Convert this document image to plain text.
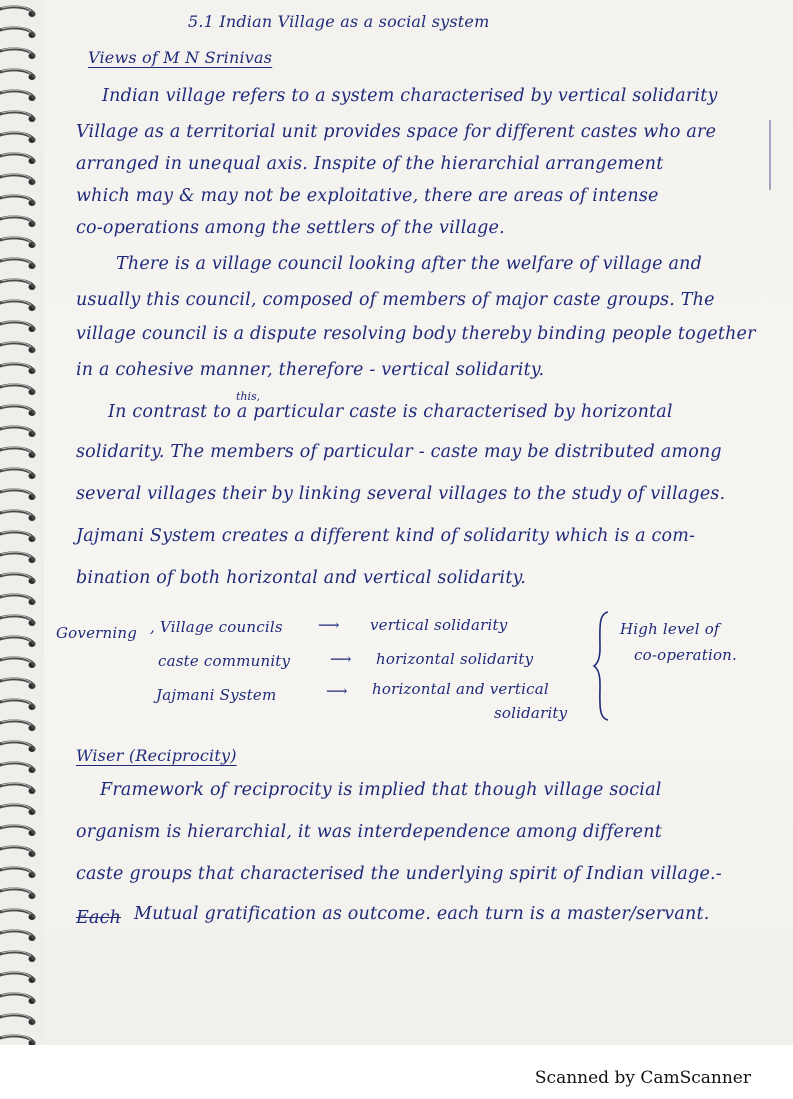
5.1 Indian Village as a social system
Views of M N Srinivas
Indian village refers to a system characterised by vertical solidarity
Village as a territorial unit provides space for different castes who are
arranged in unequal axis. Inspite of the hierarchial arrangement
which may & may not be exploitative, there are areas of intense
co-operations among the settlers of the village.
There is a village council looking after the welfare of village and
usually this council, composed of members of major caste groups. The
village council is a dispute resolving body thereby binding people together
in a cohesive manner, therefore - vertical solidarity.
this,
In contrast to a particular caste is characterised by horizontal
solidarity. The members of particular - caste may be distributed among
several villages their by linking several villages to the study of villages.
Jajmani System creates a different kind of solidarity which is a com-
bination of both horizontal and vertical solidarity.
Governing , Village councils ⟶ vertical solidarity
caste community	⟶ horizontal solidarity
Jajmani System	⟶ horizontal and vertical
solidarity
High level of
co-operation.
Wiser (Reciprocity)
Framework of reciprocity is implied that though village social
organism is hierarchial, it was interdependence among different
caste groups that characterised the underlying spirit of Indian village.-
Each Mutual gratification as outcome. each turn is a master/servant.
Scanned by CamScanner
